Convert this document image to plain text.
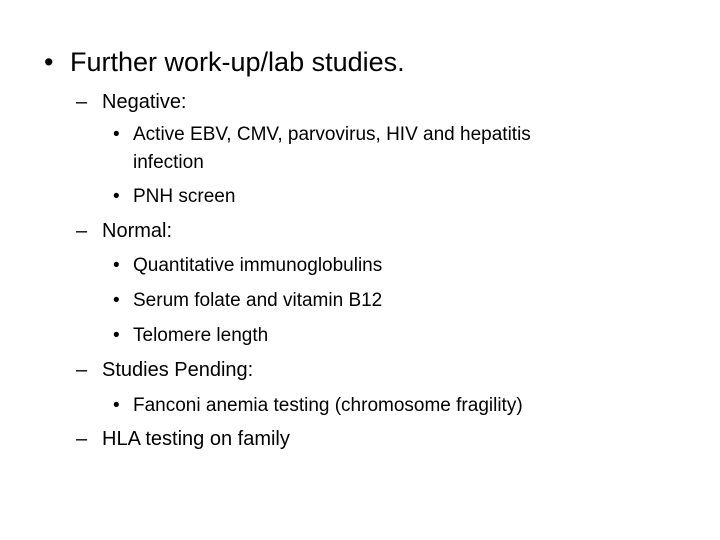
• Further work-up/lab studies.
– Negative:
• Active EBV, CMV, parvovirus, HIV and hepatitis
infection
• PNH screen
– Normal:
• Quantitative immunoglobulins
• Serum folate and vitamin B12
• Telomere length
– Studies Pending:
• Fanconi anemia testing (chromosome fragility)
– HLA testing on family
